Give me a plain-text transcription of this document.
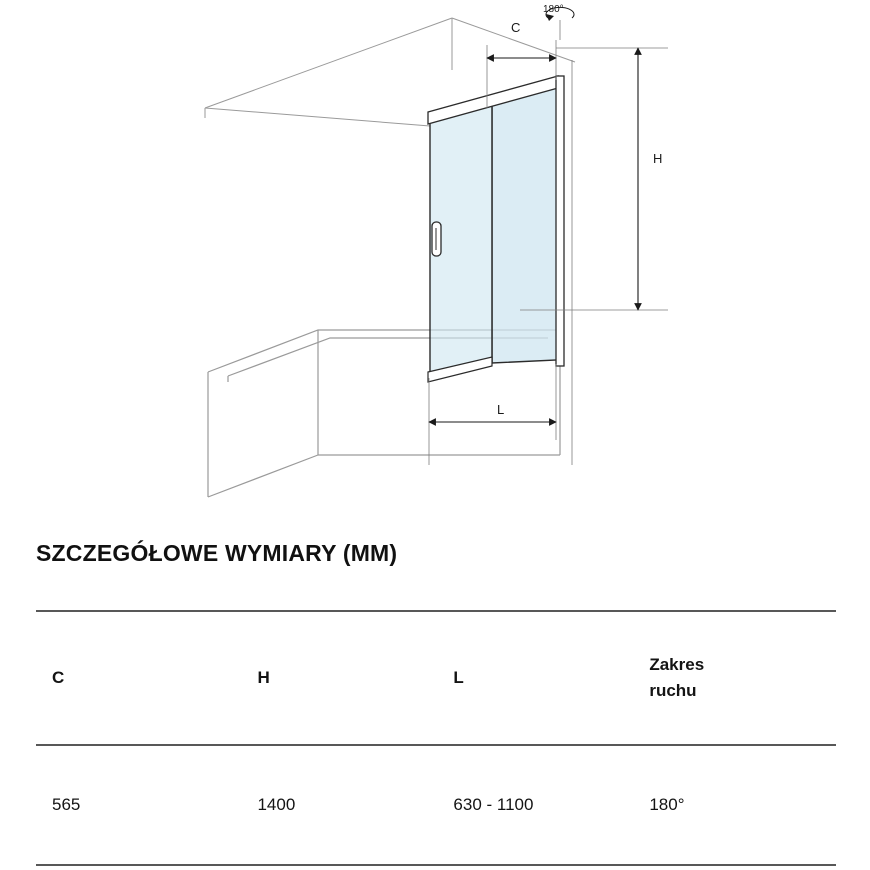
C
180°
H
L
SZCZEGÓŁOWE WYMIARY (MM)
C	H	L	Zakres
ruchu

565	1400	630 - 1100	180°
